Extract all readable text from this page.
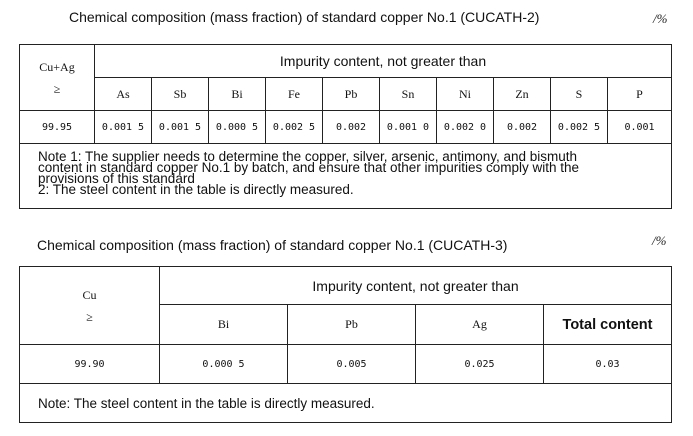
Chemical composition (mass fraction) of standard copper No.1 (CUCATH-2)	/%
Cu+Ag
≥	Impurity content, not greater than									
	As	Sb	Bi	Fe	Pb	Sn	Ni	Zn	S	P
99.95	0.001 5	0.001 5	0.000 5	0.002 5	0.002	0.001 0	0.002 0	0.002	0.002 5	0.001

Note 1: The supplier needs to determine the copper, silver, arsenic, antimony, and bismuth
content in standard copper No.1 by batch, and ensure that other impurities comply with the
provisions of this standard
2: The steel content in the table is directly measured.										
Chemical composition (mass fraction) of standard copper No.1 (CUCATH-3)	/%
Cu
≥	Impurity content, not greater than			
	Bi	Pb	Ag	Total content
99.90	0.000 5	0.005	0.025	0.03
Note: The steel content in the table is directly measured.				
